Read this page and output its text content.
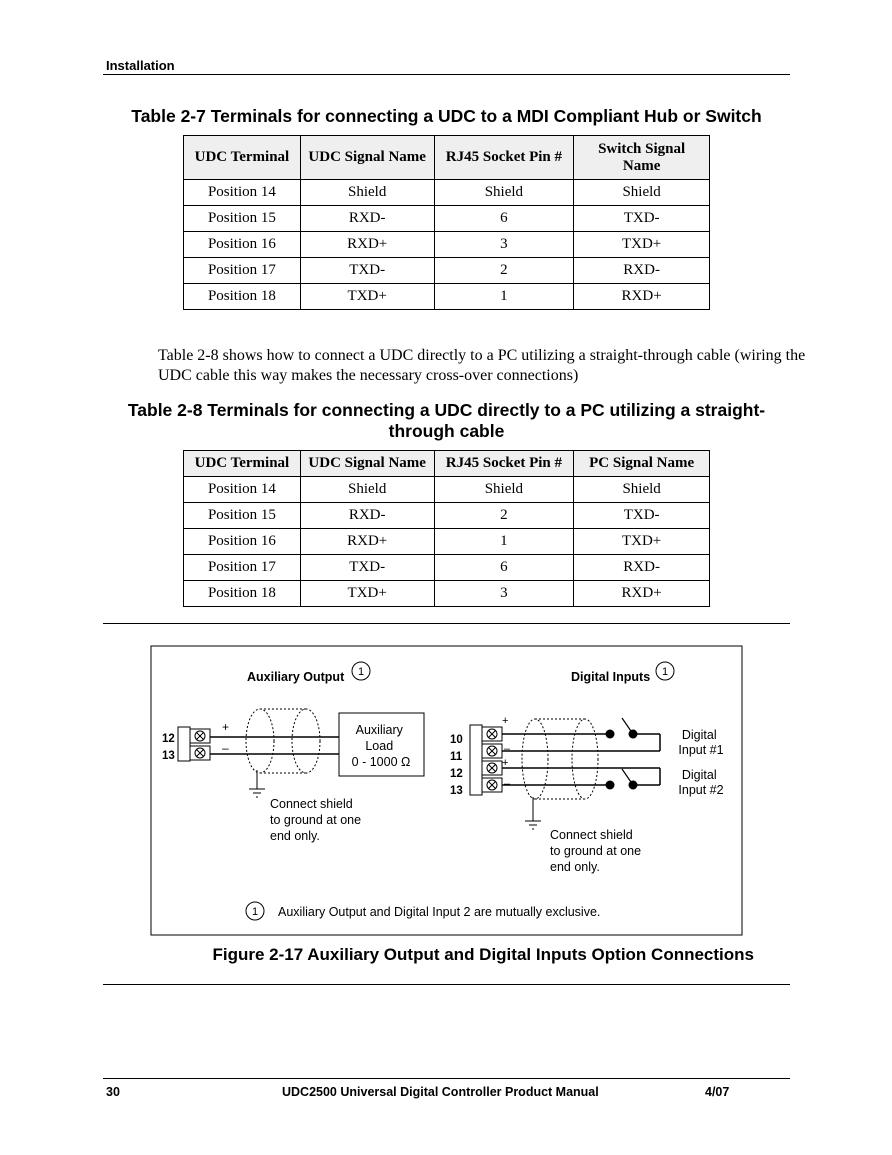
Installation
Table 2-7 Terminals for connecting a UDC to a MDI Compliant Hub or Switch
UDC Terminal	UDC Signal Name	RJ45 Socket Pin #	Switch Signal Name
Position 14	Shield	Shield	Shield
Position 15	RXD-	6	TXD-
Position 16	RXD+	3	TXD+
Position 17	TXD-	2	RXD-
Position 18	TXD+	1	RXD+
Table 2-8 shows how to connect a UDC directly to a PC utilizing a straight-through cable (wiring the UDC cable this way makes the necessary cross-over connections)
Table 2-8 Terminals for connecting a UDC directly to a PC utilizing a straight-through cable
UDC Terminal	UDC Signal Name	RJ45 Socket Pin #	PC Signal Name
Position 14	Shield	Shield	Shield
Position 15	RXD-	2	TXD-
Position 16	RXD+	1	TXD+
Position 17	TXD-	6	RXD-
Position 18	TXD+	3	RXD+
Auxiliary Output 1	Digital Inputs 1
12
13
+
–
Connect shield to ground at one end only.
Auxiliary Load 0 - 1000 Ω
10
11
12
13
+
–
+
–
Connect shield to ground at one end only.
Digital Input #1
Digital Input #2
1 Auxiliary Output and Digital Input 2 are mutually exclusive.
Figure 2-17 Auxiliary Output and Digital Inputs Option Connections
30	UDC2500 Universal Digital Controller Product Manual	4/07
